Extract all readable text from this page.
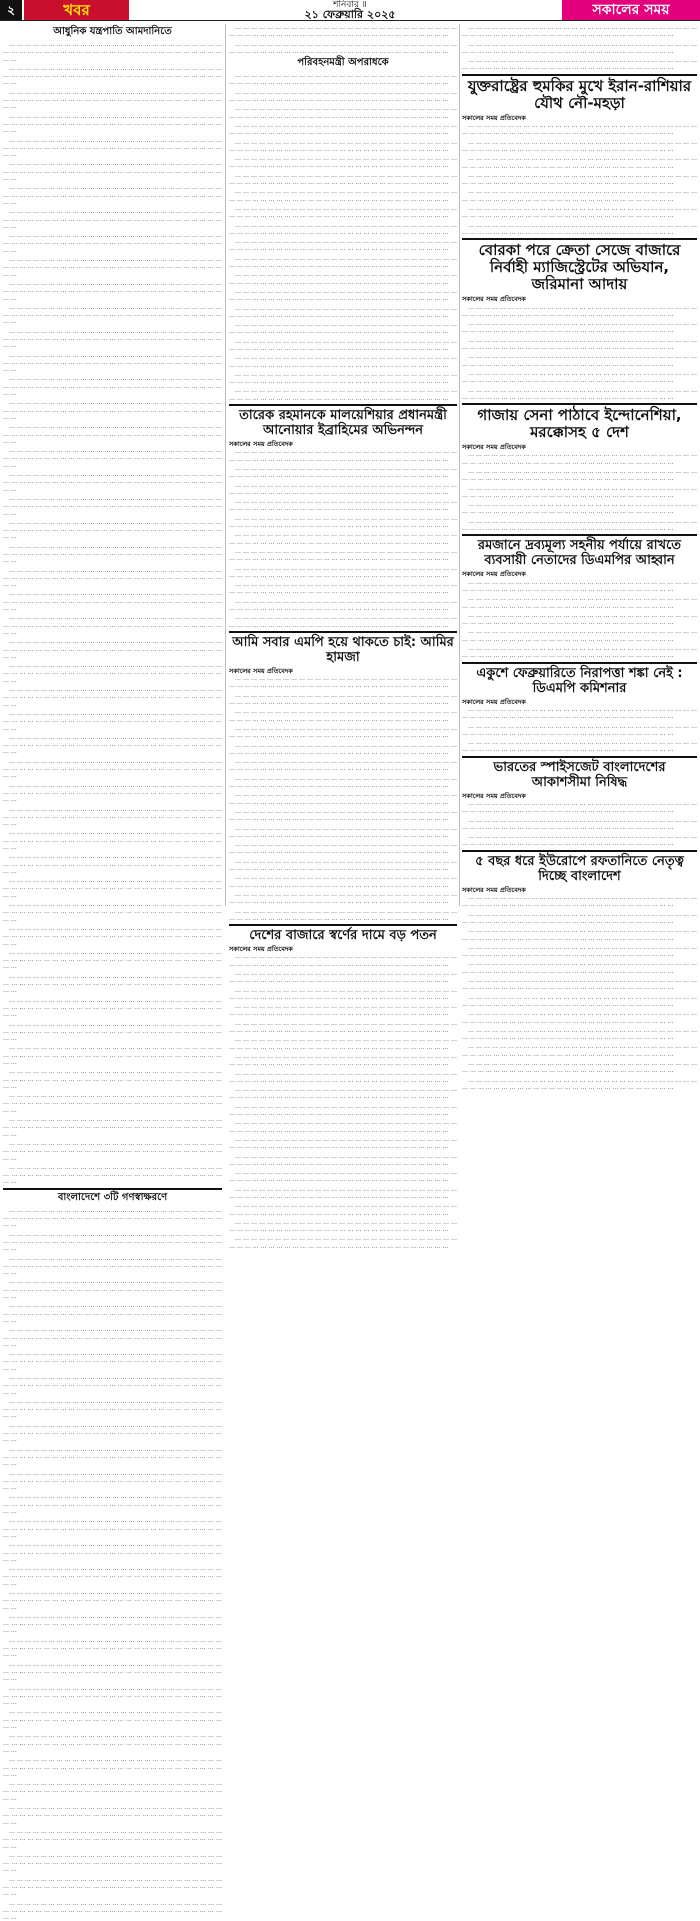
২	খবর	শনিবার ॥
২১ ফেব্রুয়ারি ২০২৫	সকালের সময়
আধুনিক যন্ত্রপাতি আমদানিতে

… … … … … … … … … … … … … … … … … … … … … … … … … … … … … … … … … … … … … … … … … … … … … … … … … … … … … … … …

… … … … … … … … … … … … … … … … … … … … … … … … … … … … … … … … … … … … … … … … … … … … … … … … … … … … … … … …

… … … … … … … … … … … … … … … … … … … … … … … … … … … … … … … … … … … … … … … … … … … … … … … … … … … … … … … …

… … … … … … … … … … … … … … … … … … … … … … … … … … … … … … … … … … … … … … … … … … … … … … … … … … … … … … … …

… … … … … … … … … … … … … … … … … … … … … … … … … … … … … … … … … … … … … … … … … … … … … … … … … … … … … … … …

… … … … … … … … … … … … … … … … … … … … … … … … … … … … … … … … … … … … … … … … … … … … … … … … … … … … … … … …

… … … … … … … … … … … … … … … … … … … … … … … … … … … … … … … … … … … … … … … … … … … … … … … … … … … … … … … …

… … … … … … … … … … … … … … … … … … … … … … … … … … … … … … … … … … … … … … … … … … … … … … … … … … … … … … … …

… … … … … … … … … … … … … … … … … … … … … … … … … … … … … … … … … … … … … … … … … … … … … … … … … … … … … … … …

… … … … … … … … … … … … … … … … … … … … … … … … … … … … … … … … … … … … … … … … … … … … … … … … … … … … … … … …

… … … … … … … … … … … … … … … … … … … … … … … … … … … … … … … … … … … … … … … … … … … … … … … … … … … … … … … …

… … … … … … … … … … … … … … … … … … … … … … … … … … … … … … … … … … … … … … … … … … … … … … … … … … … … … … … …

… … … … … … … … … … … … … … … … … … … … … … … … … … … … … … … … … … … … … … … … … … … … … … … … … … … … … … … …

… … … … … … … … … … … … … … … … … … … … … … … … … … … … … … … … … … … … … … … … … … … … … … … … … … … … … … … …

… … … … … … … … … … … … … … … … … … … … … … … … … … … … … … … … … … … … … … … … … … … … … … … … … … … … … … … …

… … … … … … … … … … … … … … … … … … … … … … … … … … … … … … … … … … … … … … … … … … … … … … … … … … … … … … … …

… … … … … … … … … … … … … … … … … … … … … … … … … … … … … … … … … … … … … … … … … … … … … … … … … … … … … … … …

… … … … … … … … … … … … … … … … … … … … … … … … … … … … … … … … … … … … … … … … … … … … … … … … … … … … … … … …

… … … … … … … … … … … … … … … … … … … … … … … … … … … … … … … … … … … … … … … … … … … … … … … … … … … … … … … …

… … … … … … … … … … … … … … … … … … … … … … … … … … … … … … … … … … … … … … … … … … … … … … … … … … … … … … … …

… … … … … … … … … … … … … … … … … … … … … … … … … … … … … … … … … … … … … … … … … … … … … … … … … … … … … … … …

… … … … … … … … … … … … … … … … … … … … … … … … … … … … … … … … … … … … … … … … … … … … … … … … … … … … … … … …

… … … … … … … … … … … … … … … … … … … … … … … … … … … … … … … … … … … … … … … … … … … … … … … … … … … … … … … …

… … … … … … … … … … … … … … … … … … … … … … … … … … … … … … … … … … … … … … … … … … … … … … … … … … … … … … … …

… … … … … … … … … … … … … … … … … … … … … … … … … … … … … … … … … … … … … … … … … … … … … … … … … … … … … … … …

… … … … … … … … … … … … … … … … … … … … … … … … … … … … … … … … … … … … … … … … … … … … … … … … … … … … … … … …

… … … … … … … … … … … … … … … … … … … … … … … … … … … … … … … … … … … … … … … … … … … … … … … … … … … … … … … …

… … … … … … … … … … … … … … … … … … … … … … … … … … … … … … … … … … … … … … … … … … … … … … … … … … … … … … … …

… … … … … … … … … … … … … … … … … … … … … … … … … … … … … … … … … … … … … … … … … … … … … … … … … … … … … … … …

… … … … … … … … … … … … … … … … … … … … … … … … … … … … … … … … … … … … … … … … … … … … … … … … … … … … … … … …

… … … … … … … … … … … … … … … … … … … … … … … … … … … … … … … … … … … … … … … … … … … … … … … … … … … … … … … …

… … … … … … … … … … … … … … … … … … … … … … … … … … … … … … … … … … … … … … … … … … … … … … … … … … … … … … … …

… … … … … … … … … … … … … … … … … … … … … … … … … … … … … … … … … … … … … … … … … … … … … … … … … … … … … … … …

… … … … … … … … … … … … … … … … … … … … … … … … … … … … … … … … … … … … … … … … … … … … … … … … … … … … … … … …

… … … … … … … … … … … … … … … … … … … … … … … … … … … … … … … … … … … … … … … … … … … … … … … … … … … … … … … …

… … … … … … … … … … … … … … … … … … … … … … … … … … … … … … … … … … … … … … … … … … … … … … … … … … … … … … … …

… … … … … … … … … … … … … … … … … … … … … … … … … … … … … … … … … … … … … … … … … … … … … … … … … … … … … … … …

… … … … … … … … … … … … … … … … … … … … … … … … … … … … … … … … … … … … … … … … … … … … … … … … … … … … … … … …

… … … … … … … … … … … … … … … … … … … … … … … … … … … … … … … … … … … … … … … … … … … … … … … … … … … … … … … …

… … … … … … … … … … … … … … … … … … … … … … … … … … … … … … … … … … … … … … … … … … … … … … … … … … … … … … … …

… … … … … … … … … … … … … … … … … … … … … … … … … … … … … … … … … … … … … … … … … … … … … … … … … … … … … … … …

… … … … … … … … … … … … … … … … … … … … … … … … … … … … … … … … … … … … … … … … … … … … … … … … … … … … … … … …

… … … … … … … … … … … … … … … … … … … … … … … … … … … … … … … … … … … … … … … … … … … … … … … … … … … … … … … …

… … … … … … … … … … … … … … … … … … … … … … … … … … … … … … … … … … … … … … … … … … … … … … … … … … … … … … … …

… … … … … … … … … … … … … … … … … … … … … … … … … … … … … … … … … … … … … … … … … … … … … … … … … … … … … … … …

… … … … … … … … … … … … … … … … … … … … … … … … … … … … … … … … … … … … … … … … … … … … … … … … … … … … … … … …

… … … … … … … … … … … … … … … … … … … … … … … … … … … … … … … … … … … … … … … … … … … … … … … … … … … … … … … …

… … … … … … … … … … … … … … … … … … … … … … … … … … … … … … … … … … … … … … … … … … … … … … … … … … … … … … … …

বাংলাদেশে ৩টি গণস্বাক্ষরণে

… … … … … … … … … … … … … … … … … … … … … … … … … … … … … … … … … … … … … … … … … … … … … … … … … … … … … … … …

… … … … … … … … … … … … … … … … … … … … … … … … … … … … … … … … … … … … … … … … … … … … … … … … … … … … … … … …

… … … … … … … … … … … … … … … … … … … … … … … … … … … … … … … … … … … … … … … … … … … … … … … … … … … … … … … …

… … … … … … … … … … … … … … … … … … … … … … … … … … … … … … … … … … … … … … … … … … … … … … … … … … … … … … … …

… … … … … … … … … … … … … … … … … … … … … … … … … … … … … … … … … … … … … … … … … … … … … … … … … … … … … … … …

… … … … … … … … … … … … … … … … … … … … … … … … … … … … … … … … … … … … … … … … … … … … … … … … … … … … … … … …

… … … … … … … … … … … … … … … … … … … … … … … … … … … … … … … … … … … … … … … … … … … … … … … … … … … … … … … …

… … … … … … … … … … … … … … … … … … … … … … … … … … … … … … … … … … … … … … … … … … … … … … … … … … … … … … … …

… … … … … … … … … … … … … … … … … … … … … … … … … … … … … … … … … … … … … … … … … … … … … … … … … … … … … … … …

… … … … … … … … … … … … … … … … … … … … … … … … … … … … … … … … … … … … … … … … … … … … … … … … … … … … … … … …

… … … … … … … … … … … … … … … … … … … … … … … … … … … … … … … … … … … … … … … … … … … … … … … … … … … … … … … …

… … … … … … … … … … … … … … … … … … … … … … … … … … … … … … … … … … … … … … … … … … … … … … … … … … … … … … … …

… … … … … … … … … … … … … … … … … … … … … … … … … … … … … … … … … … … … … … … … … … … … … … … … … … … … … … … …

… … … … … … … … … … … … … … … … … … … … … … … … … … … … … … … … … … … … … … … … … … … … … … … … … … … … … … … …

… … … … … … … … … … … … … … … … … … … … … … … … … … … … … … … … … … … … … … … … … … … … … … … … … … … … … … … …

… … … … … … … … … … … … … … … … … … … … … … … … … … … … … … … … … … … … … … … … … … … … … … … … … … … … … … … …

… … … … … … … … … … … … … … … … … … … … … … … … … … … … … … … … … … … … … … … … … … … … … … … … … … … … … … … …

… … … … … … … … … … … … … … … … … … … … … … … … … … … … … … … … … … … … … … … … … … … … … … … … … … … … … … … …

… … … … … … … … … … … … … … … … … … … … … … … … … … … … … … … … … … … … … … … … … … … … … … … … … … … … … … … …

… … … … … … … … … … … … … … … … … … … … … … … … … … … … … … … … … … … … … … … … … … … … … … … … … … … … … … … …

… … … … … … … … … … … … … … … … … … … … … … … … … … … … … … … … … … … … … … … … … … … … … … … … … … … … … … … …

… … … … … … … … … … … … … … … … … … … … … … … … … … … … … … … … … … … … … … … … … … … … … … … … … … … … … … … …

… … … … … … … … … … … … … … … … … … … … … … … … … … … … … … … … … … … … … … … … … … … … … … … … … … … … … … … …

… … … … … … … … … … … … … … … … … … … … … … … … … … … … … … … … … … … … … … … … … … … … … … … … … … … … … … … …

… … … … … … … … … … … … … … … … … … … … … … … … … … … … … … … … … … … … … … … … … … … … … … … … … … … … … … … …

… … … … … … … … … … … … … … … … … … … … … … … … … … … … … … … … … … … … … … … … … … … … … … … … … … … … … … … …

… … … … … … … … … … … … … … … … … … … … … … … … … … … … … … … … … … … … … … … … … … … … … … … … … … … … … … … …

… … … … … … … … … … … … … … … … … … … … … … … … … … … … … … … … … … … … … … … … … … … … … … … … … … … … … … … …

… … … … … … … … … … … … … … … … … … … … … … … … … … … … … … … … … … … … … … … … … … … … … … … … … … … … … … … …

… … … … … … … … … … … … … … … … … … … … … … … … … … … … … … … … … … … … … … … … … … … … … … … … … … … … … … … …

… … … … … … … … … … … … … … … … … … … … … … … … … … … … … … … … … … … … … … … … … … … … … … … … … … … … … … … …

… … … … … … … … … … … … … … … … … … … … … … … … … … … … … … … … … … … … … … … … … … … … … … … … … … … … … … … …

পরিবহনমন্ত্রী অপরাধকে

… … … … … … … … … … … … … … … … … … … … … … … … … … … … … … … … … … … … … … … … … … … … … … … … … … … … … … … …

… … … … … … … … … … … … … … … … … … … … … … … … … … … … … … … … … … … … … … … … … … … … … … … … … … … … … … … …

… … … … … … … … … … … … … … … … … … … … … … … … … … … … … … … … … … … … … … … … … … … … … … … … … … … … … … … …

… … … … … … … … … … … … … … … … … … … … … … … … … … … … … … … … … … … … … … … … … … … … … … … … … … … … … … … …

… … … … … … … … … … … … … … … … … … … … … … … … … … … … … … … … … … … … … … … … … … … … … … … … … … … … … … … …

… … … … … … … … … … … … … … … … … … … … … … … … … … … … … … … … … … … … … … … … … … … … … … … … … … … … … … … …

… … … … … … … … … … … … … … … … … … … … … … … … … … … … … … … … … … … … … … … … … … … … … … … … … … … … … … … …

… … … … … … … … … … … … … … … … … … … … … … … … … … … … … … … … … … … … … … … … … … … … … … … … … … … … … … … …

… … … … … … … … … … … … … … … … … … … … … … … … … … … … … … … … … … … … … … … … … … … … … … … … … … … … … … … …

… … … … … … … … … … … … … … … … … … … … … … … … … … … … … … … … … … … … … … … … … … … … … … … … … … … … … … … …

… … … … … … … … … … … … … … … … … … … … … … … … … … … … … … … … … … … … … … … … … … … … … … … … … … … … … … … …

… … … … … … … … … … … … … … … … … … … … … … … … … … … … … … … … … … … … … … … … … … … … … … … … … … … … … … … …

… … … … … … … … … … … … … … … … … … … … … … … … … … … … … … … … … … … … … … … … … … … … … … … … … … … … … … … …

… … … … … … … … … … … … … … … … … … … … … … … … … … … … … … … … … … … … … … … … … … … … … … … … … … … … … … … …

… … … … … … … … … … … … … … … … … … … … … … … … … … … … … … … … … … … … … … … … … … … … … … … … … … … … … … … …

… … … … … … … … … … … … … … … … … … … … … … … … … … … … … … … … … … … … … … … … … … … … … … … … … … … … … … … …

… … … … … … … … … … … … … … … … … … … … … … … … … … … … … … … … … … … … … … … … … … … … … … … … … … … … … … … …

… … … … … … … … … … … … … … … … … … … … … … … … … … … … … … … … … … … … … … … … … … … … … … … … … … … … … … … …

… … … … … … … … … … … … … … … … … … … … … … … … … … … … … … … … … … … … … … … … … … … … … … … … … … … … … … … …

… … … … … … … … … … … … … … … … … … … … … … … … … … … … … … … … … … … … … … … … … … … … … … … … … … … … … … … …

তারেক রহমানকে মালয়েশিয়ার প্রধানমন্ত্রী আনোয়ার ইব্রাহিমের অভিনন্দন
সকালের সময় প্রতিবেদক

… … … … … … … … … … … … … … … … … … … … … … … … … … … … … … … … … … … … … … … … … … … … … … … … … … … … … … … …

… … … … … … … … … … … … … … … … … … … … … … … … … … … … … … … … … … … … … … … … … … … … … … … … … … … … … … … …

… … … … … … … … … … … … … … … … … … … … … … … … … … … … … … … … … … … … … … … … … … … … … … … … … … … … … … … …

… … … … … … … … … … … … … … … … … … … … … … … … … … … … … … … … … … … … … … … … … … … … … … … … … … … … … … … …

… … … … … … … … … … … … … … … … … … … … … … … … … … … … … … … … … … … … … … … … … … … … … … … … … … … … … … … …

… … … … … … … … … … … … … … … … … … … … … … … … … … … … … … … … … … … … … … … … … … … … … … … … … … … … … … … …

… … … … … … … … … … … … … … … … … … … … … … … … … … … … … … … … … … … … … … … … … … … … … … … … … … … … … … … …

… … … … … … … … … … … … … … … … … … … … … … … … … … … … … … … … … … … … … … … … … … … … … … … … … … … … … … … …

… … … … … … … … … … … … … … … … … … … … … … … … … … … … … … … … … … … … … … … … … … … … … … … … … … … … … … … …

… … … … … … … … … … … … … … … … … … … … … … … … … … … … … … … … … … … … … … … … … … … … … … … … … … … … … … … …

… … … … … … … … … … … … … … … … … … … … … … … … … … … … … … … … … … … … … … … … … … … … … … … … … … … … … … … …

আমি সবার এমপি হয়ে থাকতে চাই: আমির হামজা
সকালের সময় প্রতিবেদক

… … … … … … … … … … … … … … … … … … … … … … … … … … … … … … … … … … … … … … … … … … … … … … … … … … … … … … … …

… … … … … … … … … … … … … … … … … … … … … … … … … … … … … … … … … … … … … … … … … … … … … … … … … … … … … … … …

… … … … … … … … … … … … … … … … … … … … … … … … … … … … … … … … … … … … … … … … … … … … … … … … … … … … … … … …

… … … … … … … … … … … … … … … … … … … … … … … … … … … … … … … … … … … … … … … … … … … … … … … … … … … … … … … …

… … … … … … … … … … … … … … … … … … … … … … … … … … … … … … … … … … … … … … … … … … … … … … … … … … … … … … … …

… … … … … … … … … … … … … … … … … … … … … … … … … … … … … … … … … … … … … … … … … … … … … … … … … … … … … … … …

… … … … … … … … … … … … … … … … … … … … … … … … … … … … … … … … … … … … … … … … … … … … … … … … … … … … … … … …

… … … … … … … … … … … … … … … … … … … … … … … … … … … … … … … … … … … … … … … … … … … … … … … … … … … … … … … …

… … … … … … … … … … … … … … … … … … … … … … … … … … … … … … … … … … … … … … … … … … … … … … … … … … … … … … … …

… … … … … … … … … … … … … … … … … … … … … … … … … … … … … … … … … … … … … … … … … … … … … … … … … … … … … … … …

… … … … … … … … … … … … … … … … … … … … … … … … … … … … … … … … … … … … … … … … … … … … … … … … … … … … … … … …

… … … … … … … … … … … … … … … … … … … … … … … … … … … … … … … … … … … … … … … … … … … … … … … … … … … … … … … …

… … … … … … … … … … … … … … … … … … … … … … … … … … … … … … … … … … … … … … … … … … … … … … … … … … … … … … … …

… … … … … … … … … … … … … … … … … … … … … … … … … … … … … … … … … … … … … … … … … … … … … … … … … … … … … … … …

… … … … … … … … … … … … … … … … … … … … … … … … … … … … … … … … … … … … … … … … … … … … … … … … … … … … … … … …

দেশের বাজারে স্বর্ণের দামে বড় পতন
সকালের সময় প্রতিবেদক

… … … … … … … … … … … … … … … … … … … … … … … … … … … … … … … … … … … … … … … … … … … … … … … … … … … … … … … …

… … … … … … … … … … … … … … … … … … … … … … … … … … … … … … … … … … … … … … … … … … … … … … … … … … … … … … … …

… … … … … … … … … … … … … … … … … … … … … … … … … … … … … … … … … … … … … … … … … … … … … … … … … … … … … … … …

… … … … … … … … … … … … … … … … … … … … … … … … … … … … … … … … … … … … … … … … … … … … … … … … … … … … … … … …

… … … … … … … … … … … … … … … … … … … … … … … … … … … … … … … … … … … … … … … … … … … … … … … … … … … … … … … …

… … … … … … … … … … … … … … … … … … … … … … … … … … … … … … … … … … … … … … … … … … … … … … … … … … … … … … … …

… … … … … … … … … … … … … … … … … … … … … … … … … … … … … … … … … … … … … … … … … … … … … … … … … … … … … … … …

… … … … … … … … … … … … … … … … … … … … … … … … … … … … … … … … … … … … … … … … … … … … … … … … … … … … … … … …

… … … … … … … … … … … … … … … … … … … … … … … … … … … … … … … … … … … … … … … … … … … … … … … … … … … … … … … …

… … … … … … … … … … … … … … … … … … … … … … … … … … … … … … … … … … … … … … … … … … … … … … … … … … … … … … … …

… … … … … … … … … … … … … … … … … … … … … … … … … … … … … … … … … … … … … … … … … … … … … … … … … … … … … … … …

… … … … … … … … … … … … … … … … … … … … … … … … … … … … … … … … … … … … … … … … … … … … … … … … … … … … … … … …

… … … … … … … … … … … … … … … … … … … … … … … … … … … … … … … … … … … … … … … … … … … … … … … … … … … … … … … …

… … … … … … … … … … … … … … … … … … … … … … … … … … … … … … … … … … … … … … … … … … … … … … … … … … … … … … … …

… … … … … … … … … … … … … … … … … … … … … … … … … … … … … … … … … … … … … … … … … … … … … … … … … … … … … … … …

… … … … … … … … … … … … … … … … … … … … … … … … … … … … … … … … … … … … … … … … … … … … … … … … … … … … … … … …

… … … … … … … … … … … … … … … … … … … … … … … … … … … … … … … … … … … … … … … … … … … … … … … … … … … … … … … …

… … … … … … … … … … … … … … … … … … … … … … … … … … … … … … … … … … … … … … … … … … … … … … … … … … … … … … … …

… … … … … … … … … … … … … … … … … … … … … … … … … … … … … … … … … … … … … … … … … … … … … … … … … … … … … … … …

… … … … … … … … … … … … … … … … … … … … … … … … … … … … … … … … … … … … … … … … … … … … … … … … … … … … … … … …

… … … … … … … … … … … … … … … … … … … … … … … … … … … … … … … … … … … … … … … … … … … … … … … … … … … … … … … …

যুক্তরাষ্ট্রের হুমকির মুখে ইরান-রাশিয়ার যৌথ নৌ-মহড়া
সকালের সময় প্রতিবেদক

… … … … … … … … … … … … … … … … … … … … … … … … … … … … … … … … … … … … … … … … … … … … … … … … … … … … … … … …

… … … … … … … … … … … … … … … … … … … … … … … … … … … … … … … … … … … … … … … … … … … … … … … … … … … … … … … …

… … … … … … … … … … … … … … … … … … … … … … … … … … … … … … … … … … … … … … … … … … … … … … … … … … … … … … … …

… … … … … … … … … … … … … … … … … … … … … … … … … … … … … … … … … … … … … … … … … … … … … … … … … … … … … … … …

… … … … … … … … … … … … … … … … … … … … … … … … … … … … … … … … … … … … … … … … … … … … … … … … … … … … … … … …

… … … … … … … … … … … … … … … … … … … … … … … … … … … … … … … … … … … … … … … … … … … … … … … … … … … … … … … …

… … … … … … … … … … … … … … … … … … … … … … … … … … … … … … … … … … … … … … … … … … … … … … … … … … … … … … … …

বোরকা পরে ক্রেতা সেজে বাজারে নির্বাহী ম্যাজিস্ট্রেটের অভিযান, জরিমানা আদায়
সকালের সময় প্রতিবেদক

… … … … … … … … … … … … … … … … … … … … … … … … … … … … … … … … … … … … … … … … … … … … … … … … … … … … … … … …

… … … … … … … … … … … … … … … … … … … … … … … … … … … … … … … … … … … … … … … … … … … … … … … … … … … … … … … …

… … … … … … … … … … … … … … … … … … … … … … … … … … … … … … … … … … … … … … … … … … … … … … … … … … … … … … … …

… … … … … … … … … … … … … … … … … … … … … … … … … … … … … … … … … … … … … … … … … … … … … … … … … … … … … … … …

… … … … … … … … … … … … … … … … … … … … … … … … … … … … … … … … … … … … … … … … … … … … … … … … … … … … … … … …

… … … … … … … … … … … … … … … … … … … … … … … … … … … … … … … … … … … … … … … … … … … … … … … … … … … … … … … …

গাজায় সেনা পাঠাবে ইন্দোনেশিয়া, মরক্কোসহ ৫ দেশ
সকালের সময় প্রতিবেদক

… … … … … … … … … … … … … … … … … … … … … … … … … … … … … … … … … … … … … … … … … … … … … … … … … … … … … … … …

… … … … … … … … … … … … … … … … … … … … … … … … … … … … … … … … … … … … … … … … … … … … … … … … … … … … … … … …

… … … … … … … … … … … … … … … … … … … … … … … … … … … … … … … … … … … … … … … … … … … … … … … … … … … … … … … …

… … … … … … … … … … … … … … … … … … … … … … … … … … … … … … … … … … … … … … … … … … … … … … … … … … … … … … … …

… … … … … … … … … … … … … … … … … … … … … … … … … … … … … … … … … … … … … … … … … … … … … … … … … … … … … … … …

রমজানে দ্রব্যমূল্য সহনীয় পর্যায়ে রাখতে ব্যবসায়ী নেতাদের ডিএমপির আহ্বান
সকালের সময় প্রতিবেদক

… … … … … … … … … … … … … … … … … … … … … … … … … … … … … … … … … … … … … … … … … … … … … … … … … … … … … … … …

… … … … … … … … … … … … … … … … … … … … … … … … … … … … … … … … … … … … … … … … … … … … … … … … … … … … … … … …

… … … … … … … … … … … … … … … … … … … … … … … … … … … … … … … … … … … … … … … … … … … … … … … … … … … … … … … …

… … … … … … … … … … … … … … … … … … … … … … … … … … … … … … … … … … … … … … … … … … … … … … … … … … … … … … … …

… … … … … … … … … … … … … … … … … … … … … … … … … … … … … … … … … … … … … … … … … … … … … … … … … … … … … … … …

একুশে ফেব্রুয়ারিতে নিরাপত্তা শঙ্কা নেই : ডিএমপি কমিশনার
সকালের সময় প্রতিবেদক

… … … … … … … … … … … … … … … … … … … … … … … … … … … … … … … … … … … … … … … … … … … … … … … … … … … … … … … …

… … … … … … … … … … … … … … … … … … … … … … … … … … … … … … … … … … … … … … … … … … … … … … … … … … … … … … … …

… … … … … … … … … … … … … … … … … … … … … … … … … … … … … … … … … … … … … … … … … … … … … … … … … … … … … … … …

ভারতের স্পাইসজেট বাংলাদেশের আকাশসীমা নিষিদ্ধ
সকালের সময় প্রতিবেদক

… … … … … … … … … … … … … … … … … … … … … … … … … … … … … … … … … … … … … … … … … … … … … … … … … … … … … … … …

… … … … … … … … … … … … … … … … … … … … … … … … … … … … … … … … … … … … … … … … … … … … … … … … … … … … … … … …

… … … … … … … … … … … … … … … … … … … … … … … … … … … … … … … … … … … … … … … … … … … … … … … … … … … … … … … …

৫ বছর ধরে ইউরোপে রফতানিতে নেতৃত্ব দিচ্ছে বাংলাদেশ
সকালের সময় প্রতিবেদক

… … … … … … … … … … … … … … … … … … … … … … … … … … … … … … … … … … … … … … … … … … … … … … … … … … … … … … … …

… … … … … … … … … … … … … … … … … … … … … … … … … … … … … … … … … … … … … … … … … … … … … … … … … … … … … … … …

… … … … … … … … … … … … … … … … … … … … … … … … … … … … … … … … … … … … … … … … … … … … … … … … … … … … … … … …

… … … … … … … … … … … … … … … … … … … … … … … … … … … … … … … … … … … … … … … … … … … … … … … … … … … … … … … …

… … … … … … … … … … … … … … … … … … … … … … … … … … … … … … … … … … … … … … … … … … … … … … … … … … … … … … … …

… … … … … … … … … … … … … … … … … … … … … … … … … … … … … … … … … … … … … … … … … … … … … … … … … … … … … … … …

… … … … … … … … … … … … … … … … … … … … … … … … … … … … … … … … … … … … … … … … … … … … … … … … … … … … … … … …

… … … … … … … … … … … … … … … … … … … … … … … … … … … … … … … … … … … … … … … … … … … … … … … … … … … … … … … …

… … … … … … … … … … … … … … … … … … … … … … … … … … … … … … … … … … … … … … … … … … … … … … … … … … … … … … … …

… … … … … … … … … … … … … … … … … … … … … … … … … … … … … … … … … … … … … … … … … … … … … … … … … … … … … … … …

… … … … … … … … … … … … … … … … … … … … … … … … … … … … … … … … … … … … … … … … … … … … … … … … … … … … … … … …

… … … … … … … … … … … … … … … … … … … … … … … … … … … … … … … … … … … … … … … … … … … … … … … … … … … … … … … …
